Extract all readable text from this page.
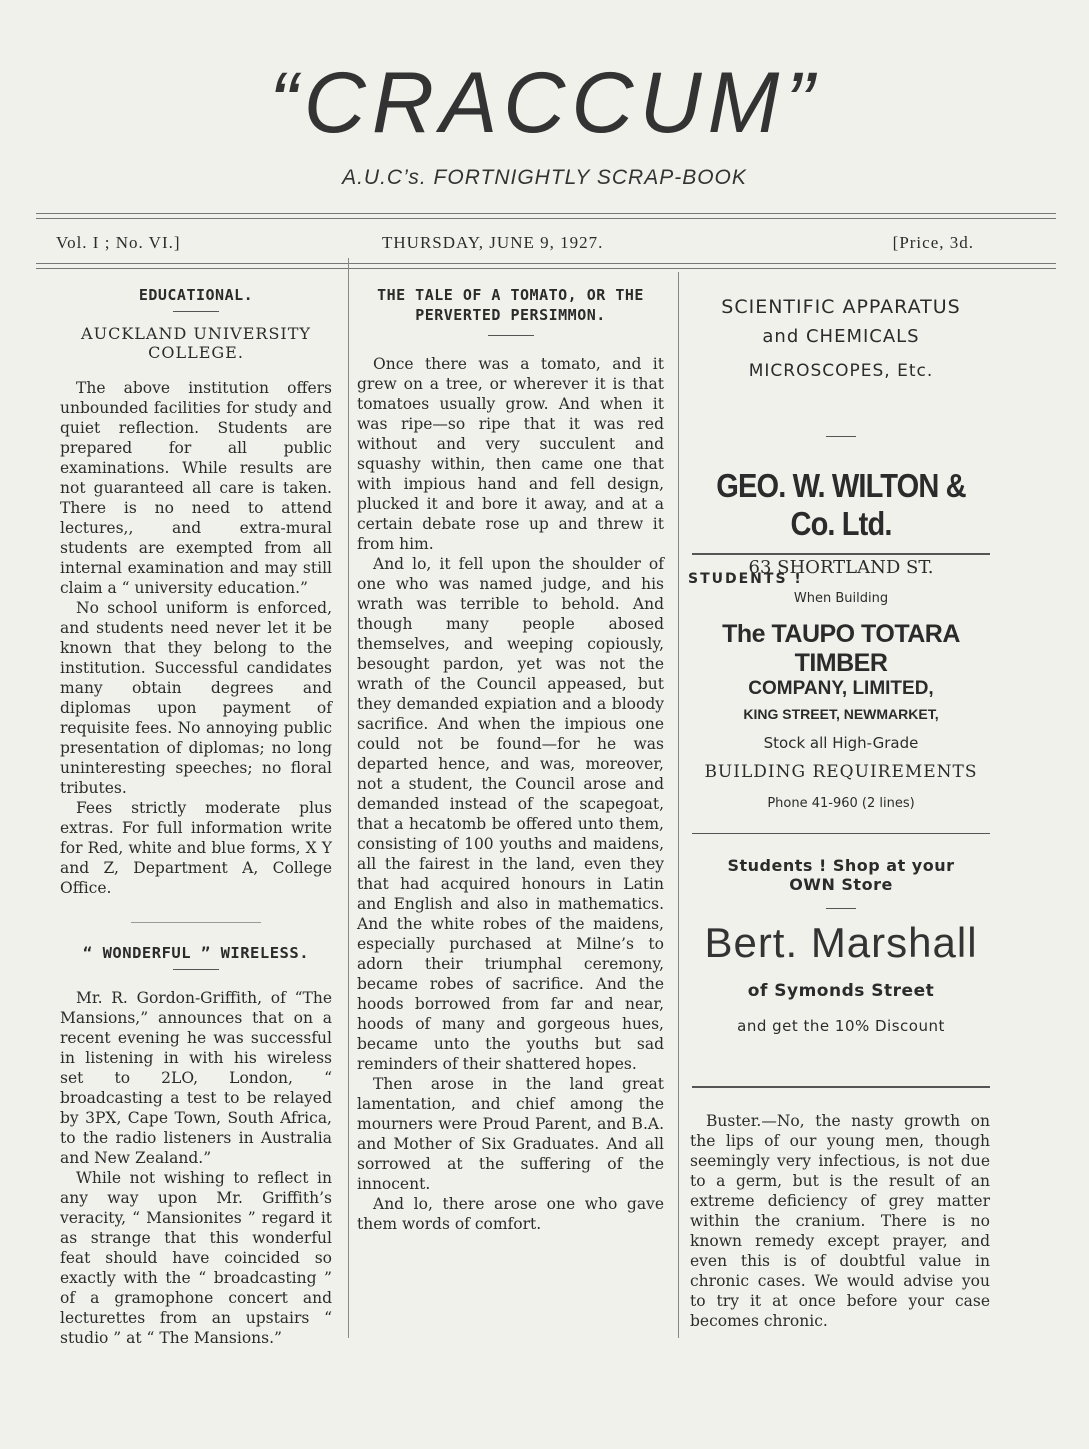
“CRACCUM”
A.U.C’s. FORTNIGHTLY SCRAP-BOOK
Vol. I ; No. VI.]	THURSDAY, JUNE 9, 1927.	[Price, 3d.
EDUCATIONAL.
AUCKLAND UNIVERSITY COLLEGE.

The above institution offers unbounded facilities for study and quiet reflection. Students are prepared for all public examinations. While results are not guaranteed all care is taken. There is no need to attend lectures,, and extra-mural students are exempted from all internal examination and may still claim a “ university education.”

No school uniform is enforced, and students need never let it be known that they belong to the institution. Successful candidates many obtain degrees and diplomas upon payment of requisite fees. No annoying public presentation of diplomas; no long uninteresting speeches; no floral tributes.

Fees strictly moderate plus extras. For full information write for Red, white and blue forms, X Y and Z, Department A, College Office.

“ WONDERFUL ” WIRELESS.

Mr. R. Gordon-Griffith, of “The Mansions,” announces that on a recent evening he was successful in listening in with his wireless set to 2LO, London, “ broadcasting a test to be relayed by 3PX, Cape Town, South Africa, to the radio listeners in Australia and New Zealand.”

While not wishing to reflect in any way upon Mr. Griffith’s veracity, “ Mansionites ” regard it as strange that this wonderful feat should have coincided so exactly with the “ broadcasting ” of a gramophone concert and lecturettes from an upstairs “ studio ” at “ The Mansions.”

THE TALE OF A TOMATO, OR THE PERVERTED PERSIMMON.

Once there was a tomato, and it grew on a tree, or wherever it is that tomatoes usually grow. And when it was ripe—so ripe that it was red without and very succulent and squashy within, then came one that with impious hand and fell design, plucked it and bore it away, and at a certain debate rose up and threw it from him.

And lo, it fell upon the shoulder of one who was named judge, and his wrath was terrible to behold. And though many people abosed themselves, and weeping copiously, besought pardon, yet was not the wrath of the Council appeased, but they demanded expiation and a bloody sacrifice. And when the impious one could not be found—for he was departed hence, and was, moreover, not a student, the Council arose and demanded instead of the scapegoat, that a hecatomb be offered unto them, consisting of 100 youths and maidens, all the fairest in the land, even they that had acquired honours in Latin and English and also in mathematics. And the white robes of the maidens, especially purchased at Milne’s to adorn their triumphal ceremony, became robes of sacrifice. And the hoods borrowed from far and near, hoods of many and gorgeous hues, became unto the youths but sad reminders of their shattered hopes.

Then arose in the land great lamentation, and chief among the mourners were Proud Parent, and B.A. and Mother of Six Graduates. And all sorrowed at the suffering of the innocent.

And lo, there arose one who gave them words of comfort.

SCIENTIFIC APPARATUS
and CHEMICALS
MICROSCOPES, Etc.
GEO. W. WILTON & Co. Ltd.
63 SHORTLAND ST.
STUDENTS !
When Building
The TAUPO TOTARA TIMBER
COMPANY, LIMITED,
KING STREET, NEWMARKET,
Stock all High-Grade
BUILDING REQUIREMENTS
Phone 41-960 (2 lines)
Students ! Shop at your
OWN Store
Bert. Marshall
of Symonds Street
and get the 10% Discount

Buster.—No, the nasty growth on the lips of our young men, though seemingly very infectious, is not due to a germ, but is the result of an extreme deficiency of grey matter within the cranium. There is no known remedy except prayer, and even this is of doubtful value in chronic cases. We would advise you to try it at once before your case becomes chronic.
